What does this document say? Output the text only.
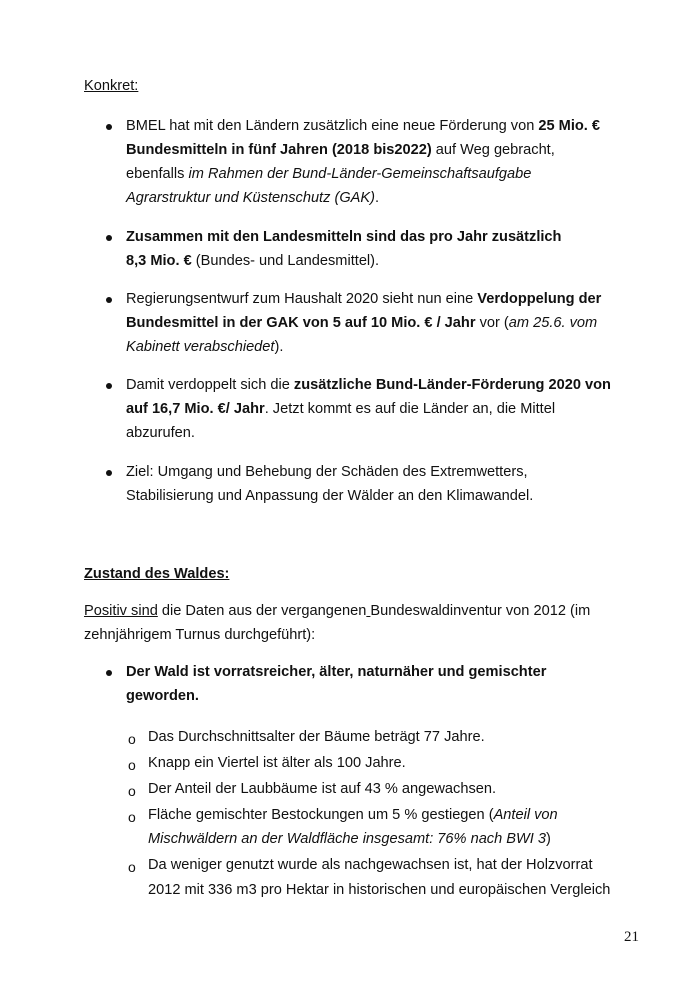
Konkret:
BMEL hat mit den Ländern zusätzlich eine neue Förderung von 25 Mio. €
Bundesmitteln in fünf Jahren (2018 bis2022) auf Weg gebracht,
ebenfalls im Rahmen der Bund-Länder-Gemeinschaftsaufgabe
Agrarstruktur und Küstenschutz (GAK).
Zusammen mit den Landesmitteln sind das pro Jahr zusätzlich
8,3 Mio. € (Bundes- und Landesmittel).
Regierungsentwurf zum Haushalt 2020 sieht nun eine Verdoppelung der
Bundesmittel in der GAK von 5 auf 10 Mio. € / Jahr vor (am 25.6. vom
Kabinett verabschiedet).
Damit verdoppelt sich die zusätzliche Bund-Länder-Förderung 2020 von
auf 16,7 Mio. €/ Jahr. Jetzt kommt es auf die Länder an, die Mittel
abzurufen.
Ziel: Umgang und Behebung der Schäden des Extremwetters,
Stabilisierung und Anpassung der Wälder an den Klimawandel.
Zustand des Waldes:
Positiv sind die Daten aus der vergangenen Bundeswaldinventur von 2012 (im
zehnjährigem Turnus durchgeführt):
Der Wald ist vorratsreicher, älter, naturnäher und gemischter
geworden.
o Das Durchschnittsalter der Bäume beträgt 77 Jahre.
o Knapp ein Viertel ist älter als 100 Jahre.
o Der Anteil der Laubbäume ist auf 43 % angewachsen.
o Fläche gemischter Bestockungen um 5 % gestiegen (Anteil von
Mischwäldern an der Waldfläche insgesamt: 76% nach BWI 3)
o Da weniger genutzt wurde als nachgewachsen ist, hat der Holzvorrat
2012 mit 336 m3 pro Hektar in historischen und europäischen Vergleich
21
